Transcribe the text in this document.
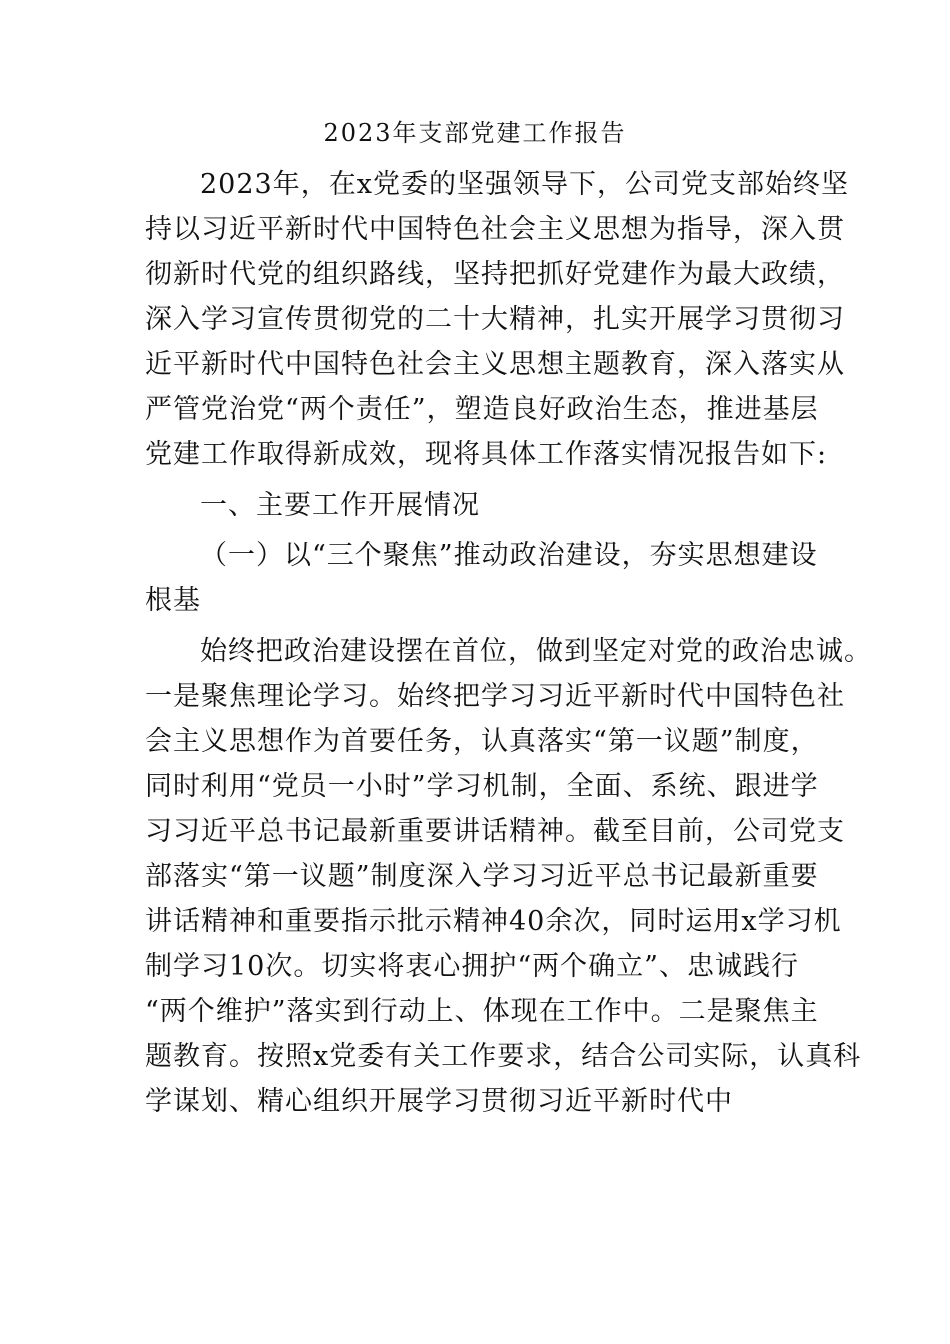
2023年支部党建工作报告
2023年，在x党委的坚强领导下，公司党支部始终坚
持以习近平新时代中国特色社会主义思想为指导，深入贯
彻新时代党的组织路线，坚持把抓好党建作为最大政绩，
深入学习宣传贯彻党的二十大精神，扎实开展学习贯彻习
近平新时代中国特色社会主义思想主题教育，深入落实从
严管党治党“两个责任”，塑造良好政治生态，推进基层
党建工作取得新成效，现将具体工作落实情况报告如下:
一、主要工作开展情况
（一）以“三个聚焦”推动政治建设，夯实思想建设
根基
始终把政治建设摆在首位，做到坚定对党的政治忠诚。
一是聚焦理论学习。始终把学习习近平新时代中国特色社
会主义思想作为首要任务，认真落实“第一议题”制度，
同时利用“党员一小时”学习机制，全面、系统、跟进学
习习近平总书记最新重要讲话精神。截至目前，公司党支
部落实“第一议题”制度深入学习习近平总书记最新重要
讲话精神和重要指示批示精神40余次，同时运用x学习机
制学习10次。切实将衷心拥护“两个确立”、忠诚践行
“两个维护”落实到行动上、体现在工作中。二是聚焦主
题教育。按照x党委有关工作要求，结合公司实际，认真科
学谋划、精心组织开展学习贯彻习近平新时代中
